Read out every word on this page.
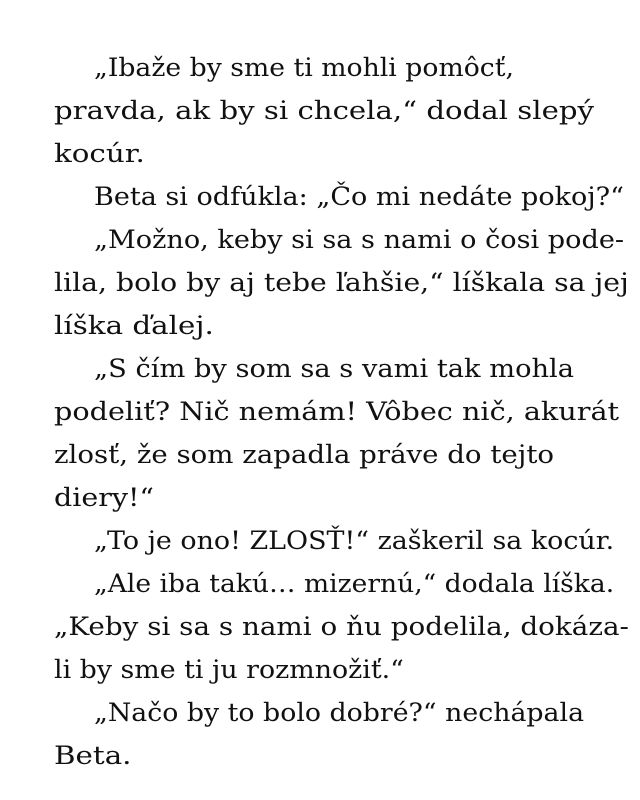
„Ibaže by sme ti mohli pomôcť,
pravda, ak by si chcela,“ dodal slepý
kocúr.
Beta si odfúkla: „Čo mi nedáte pokoj?“
„Možno, keby si sa s nami o čosi pode-
lila, bolo by aj tebe ľahšie,“ líškala sa jej
líška ďalej.
„S čím by som sa s vami tak mohla
podeliť? Nič nemám! Vôbec nič, akurát
zlosť, že som zapadla práve do tejto
diery!“
„To je ono! ZLOSŤ!“ zaškeril sa kocúr.
„Ale iba takú… mizernú,“ dodala líška.
„Keby si sa s nami o ňu podelila, dokáza-
li by sme ti ju rozmnožiť.“
„Načo by to bolo dobré?“ nechápala
Beta.
